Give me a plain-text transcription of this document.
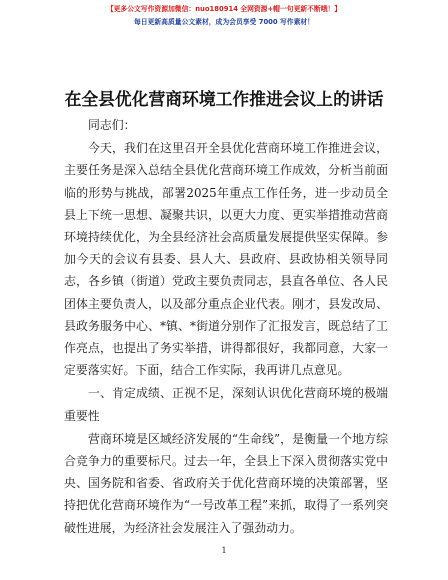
【更多公文写作资源加微信：nuo180914 全网资源+帽一句更新不断哦！】
每日更新高质量公文素材，成为会员享受 7000 写作素材！
在全县优化营商环境工作推进会议上的讲话

同志们：

今天，我们在这里召开全县优化营商环境工作推进会议，主要任务是深入总结全县优化营商环境工作成效，分析当前面临的形势与挑战，部署2025年重点工作任务，进一步动员全县上下统一思想、凝聚共识，以更大力度、更实举措推动营商环境持续优化，为全县经济社会高质量发展提供坚实保障。参加今天的会议有县委、县人大、县政府、县政协相关领导同志，各乡镇（街道）党政主要负责同志，县直各单位、各人民团体主要负责人，以及部分重点企业代表。刚才，县发改局、县政务服务中心、*镇、*街道分别作了汇报发言，既总结了工作亮点，也提出了务实举措，讲得都很好，我都同意，大家一定要落实好。下面，结合工作实际，我再讲几点意见。

一、肯定成绩、正视不足，深刻认识优化营商环境的极端重要性

营商环境是区域经济发展的“生命线”，是衡量一个地方综合竞争力的重要标尺。过去一年，全县上下深入贯彻落实党中央、国务院和省委、省政府关于优化营商环境的决策部署，坚持把优化营商环境作为“一号改革工程”来抓，取得了一系列突破性进展，为经济社会发展注入了强劲动力。

1
